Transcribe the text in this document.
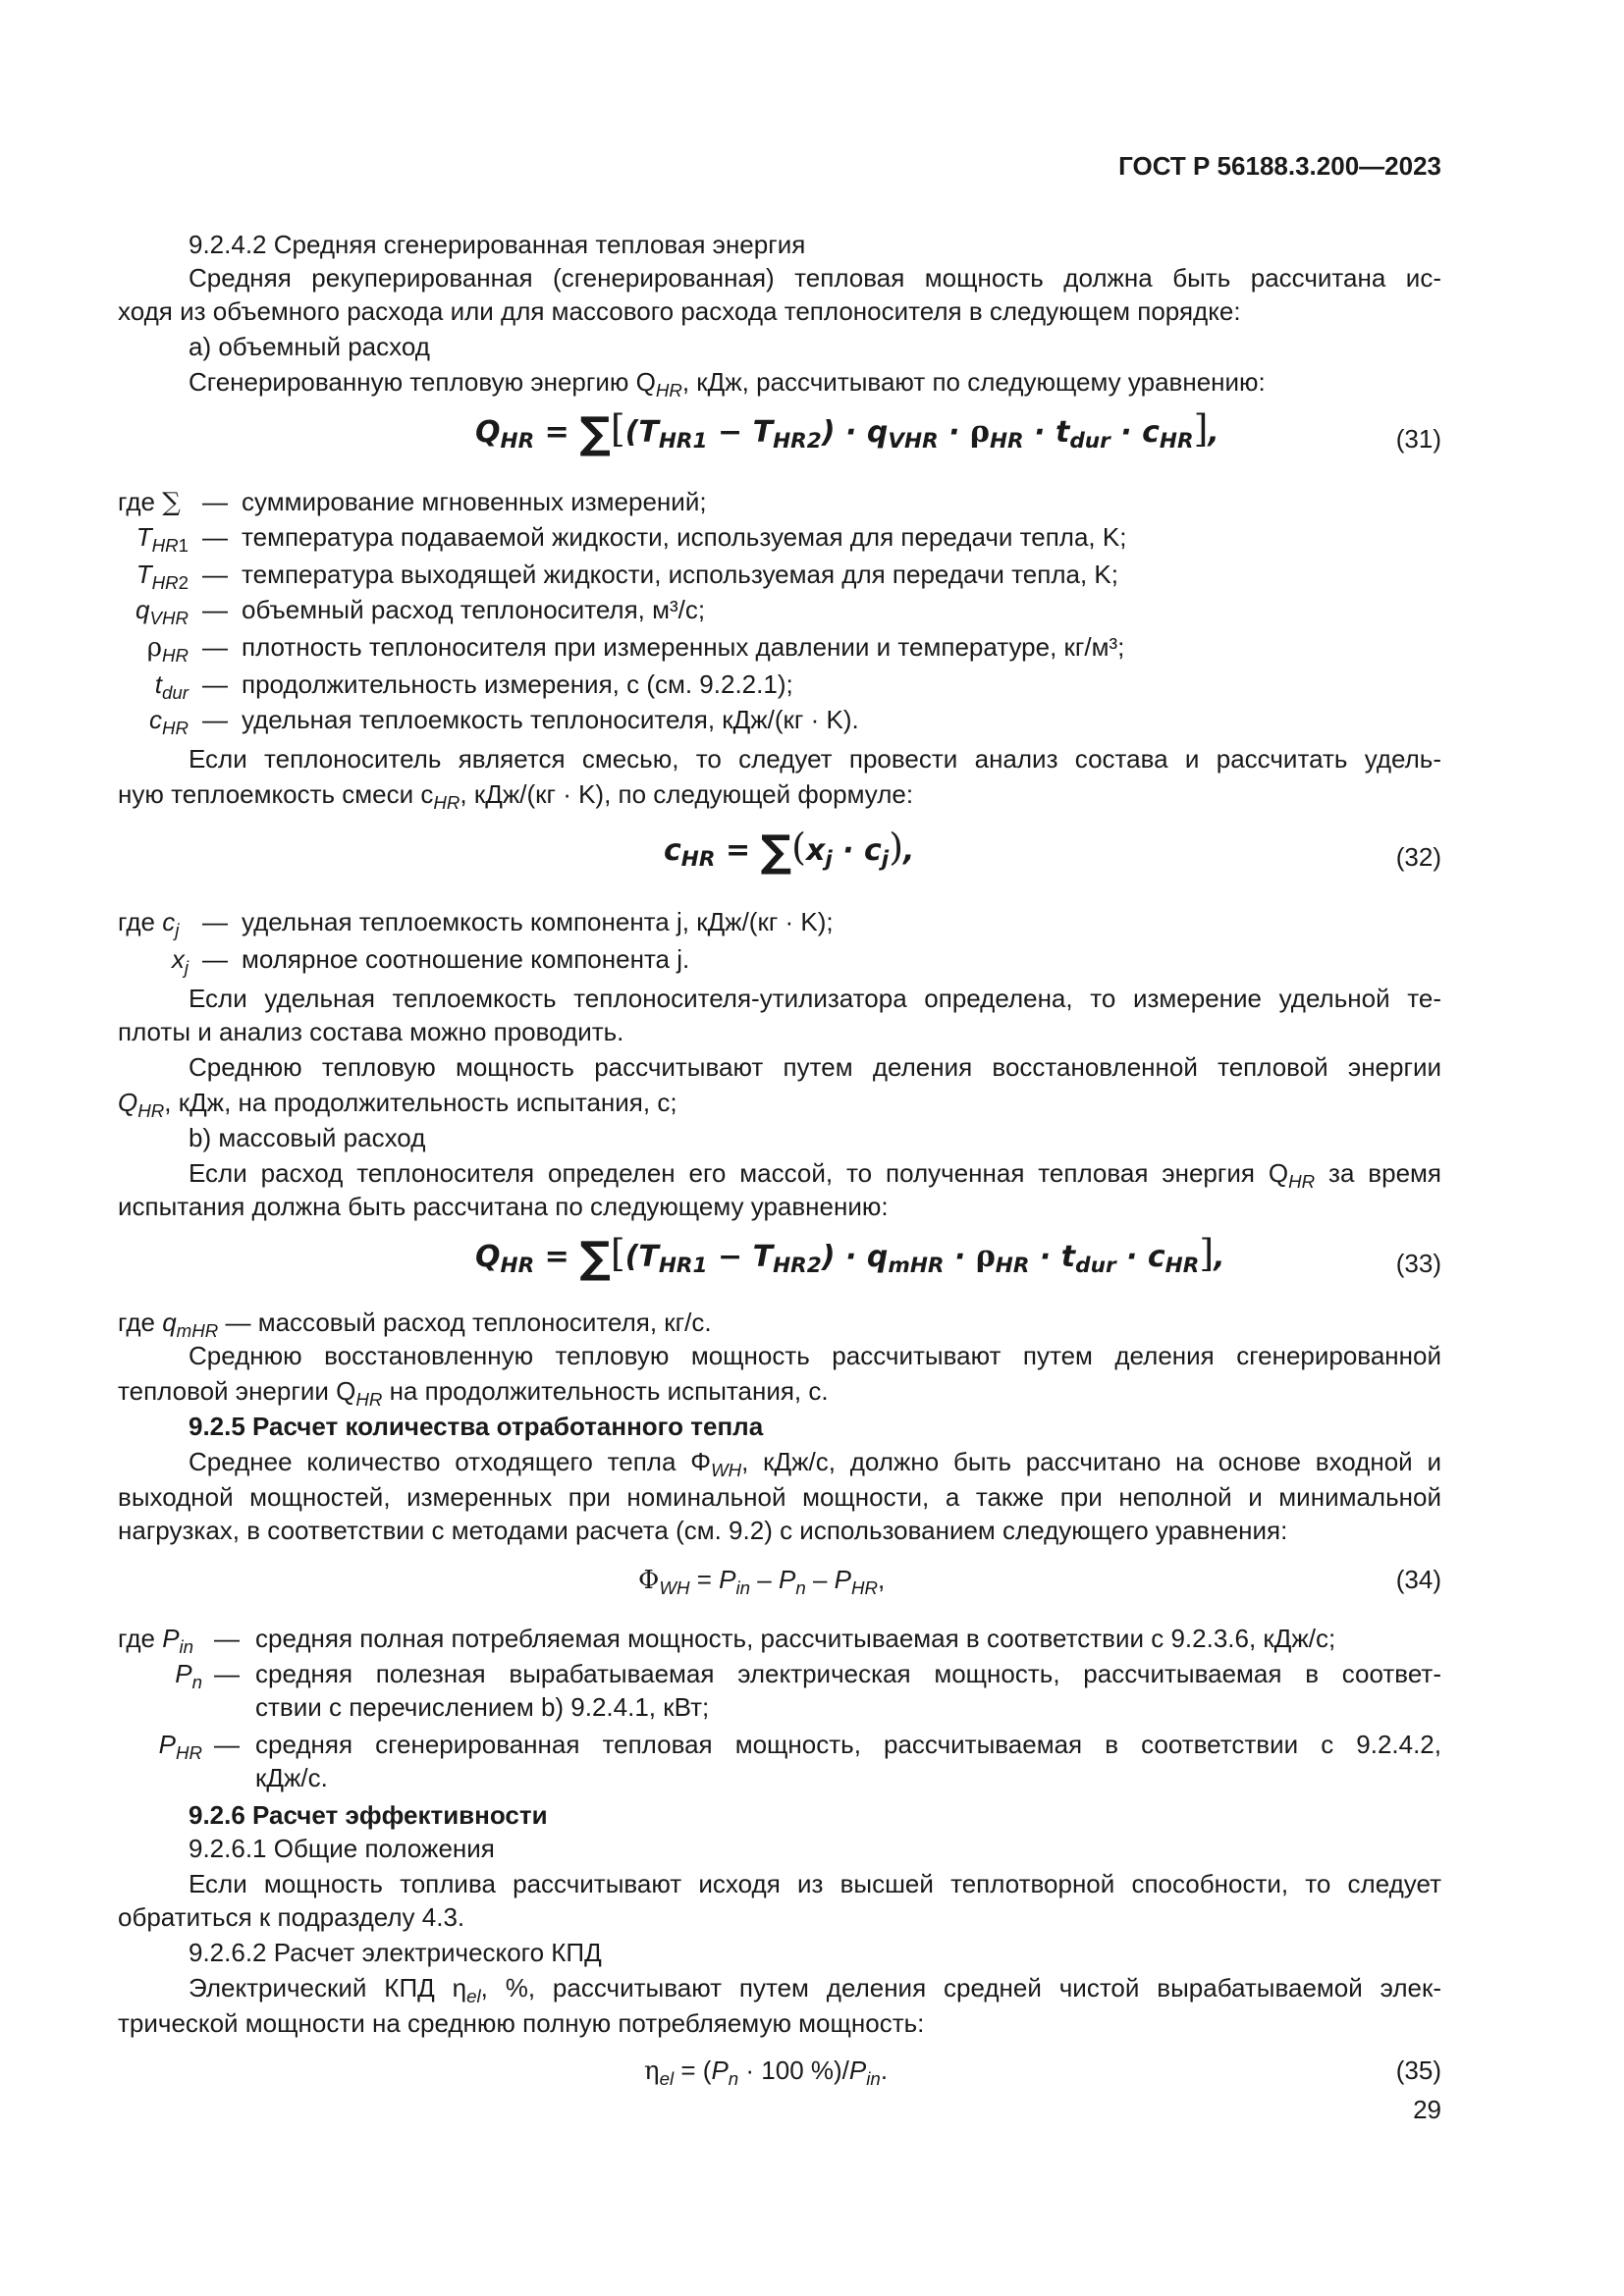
ГОСТ Р 56188.3.200—2023
9.2.4.2 Средняя сгенерированная тепловая энергия
Средняя рекуперированная (сгенерированная) тепловая мощность должна быть рассчитана ис-
ходя из объемного расхода или для массового расхода теплоносителя в следующем порядке:
а) объемный расход
Сгенерированную тепловую энергию $Q_{HR}$, кДж, рассчитывают по следующему уравнению:
$Q_{HR} = \sum[(T_{HR1} - T_{HR2}) \cdot q_{VHR} \cdot \rho_{HR} \cdot t_{dur} \cdot c_{HR}]$,	(31)
где ∑ — суммирование мгновенных измерений;
$T_{HR1}$ — температура подаваемой жидкости, используемая для передачи тепла, K;
$T_{HR2}$ — температура выходящей жидкости, используемая для передачи тепла, K;
$q_{VHR}$ — объемный расход теплоносителя, м³/с;
$\rho_{HR}$ — плотность теплоносителя при измеренных давлении и температуре, кг/м³;
$t_{dur}$ — продолжительность измерения, с (см. 9.2.2.1);
$c_{HR}$ — удельная теплоемкость теплоносителя, кДж/(кг · K).
Если теплоноситель является смесью, то следует провести анализ состава и рассчитать удель-
ную теплоемкость смеси $c_{HR}$, кДж/(кг · K), по следующей формуле:
$c_{HR} = \sum(x_j \cdot c_j)$,	(32)
где $c_j$ — удельная теплоемкость компонента j, кДж/(кг · K);
$x_j$ — молярное соотношение компонента j.
Если удельная теплоемкость теплоносителя-утилизатора определена, то измерение удельной те-
плоты и анализ состава можно проводить.
Среднюю тепловую мощность рассчитывают путем деления восстановленной тепловой энергии
$Q_{HR}$, кДж, на продолжительность испытания, с;
b) массовый расход
Если расход теплоносителя определен его массой, то полученная тепловая энергия $Q_{HR}$ за время
испытания должна быть рассчитана по следующему уравнению:
$Q_{HR} = \sum[(T_{HR1} - T_{HR2}) \cdot q_{mHR} \cdot \rho_{HR} \cdot t_{dur} \cdot c_{HR}]$,	(33)
где $q_{mHR}$ — массовый расход теплоносителя, кг/с.
Среднюю восстановленную тепловую мощность рассчитывают путем деления сгенерированной
тепловой энергии $Q_{HR}$ на продолжительность испытания, с.
9.2.5 Расчет количества отработанного тепла
Среднее количество отходящего тепла $\Phi_{WH}$, кДж/с, должно быть рассчитано на основе входной и
выходной мощностей, измеренных при номинальной мощности, а также при неполной и минимальной
нагрузках, в соответствии с методами расчета (см. 9.2) с использованием следующего уравнения:
$\Phi_{WH} = P_{in} - P_n - P_{HR}$,	(34)
где $P_{in}$ — средняя полная потребляемая мощность, рассчитываемая в соответствии с 9.2.3.6, кДж/с;
$P_n$ — средняя полезная вырабатываемая электрическая мощность, рассчитываемая в соответ-
ствии с перечислением b) 9.2.4.1, кВт;
$P_{HR}$ — средняя сгенерированная тепловая мощность, рассчитываемая в соответствии с 9.2.4.2,
кДж/с.
9.2.6 Расчет эффективности
9.2.6.1 Общие положения
Если мощность топлива рассчитывают исходя из высшей теплотворной способности, то следует
обратиться к подразделу 4.3.
9.2.6.2 Расчет электрического КПД
Электрический КПД $\eta_{el}$, %, рассчитывают путем деления средней чистой вырабатываемой элек-
трической мощности на среднюю полную потребляемую мощность:
$\eta_{el} = (P_n \cdot 100$ $\%)/P_{in}$.	(35)
29
